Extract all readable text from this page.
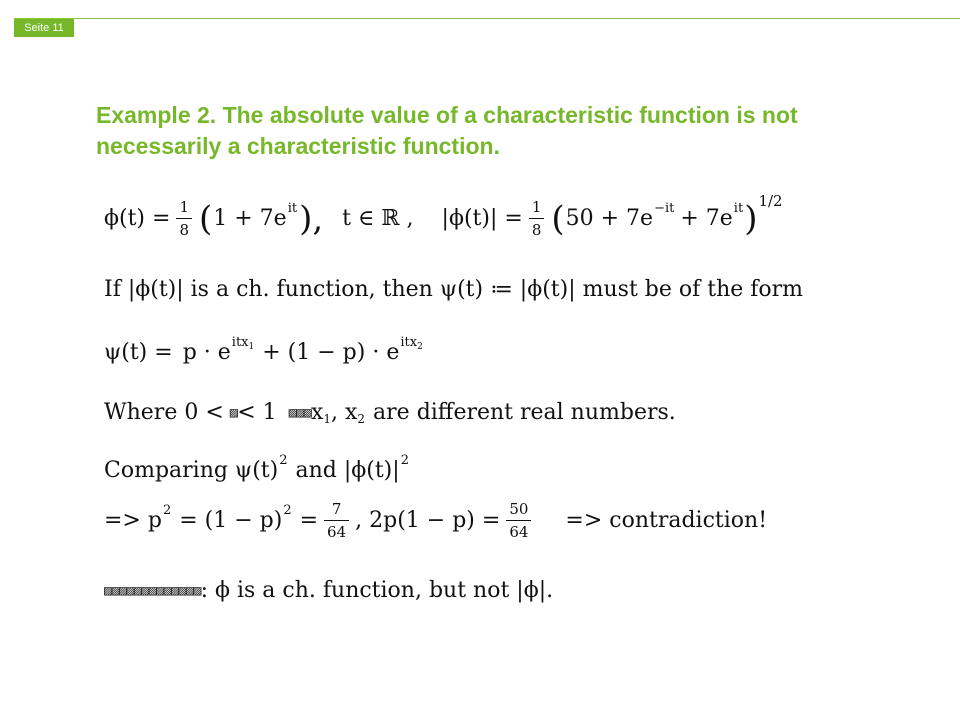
Seite 11
Example 2. The absolute value of a characteristic function is not necessarily a characteristic function.
$\phi(t) = \frac{1}{8}$ ( 1 + 7e it ), t ∈ ℝ , $|\phi(t)| = \frac{1}{8}$ ( 50 + 7e −it + 7e it ) 1/2
If |ϕ(t)| is a ch. function, then ψ(t) ≔ |ϕ(t)| must be of the form
ψ(t) = p · e itx1 + (1 − p) · e itx2
Where 0 < ▨ < 1 ▨▨▨ x 1 , x 2 are different real numbers.
Comparing ψ(t) 2 and |ϕ(t)| 2
=> p 2 = (1 − p) $2 = \frac{7}{64}$ , $2p(1 - p) = \frac{50}{64}$ => contradiction!
▨▨▨▨▨▨▨▨▨▨▨▨▨ : ϕ is a ch. function, but not |ϕ|.
